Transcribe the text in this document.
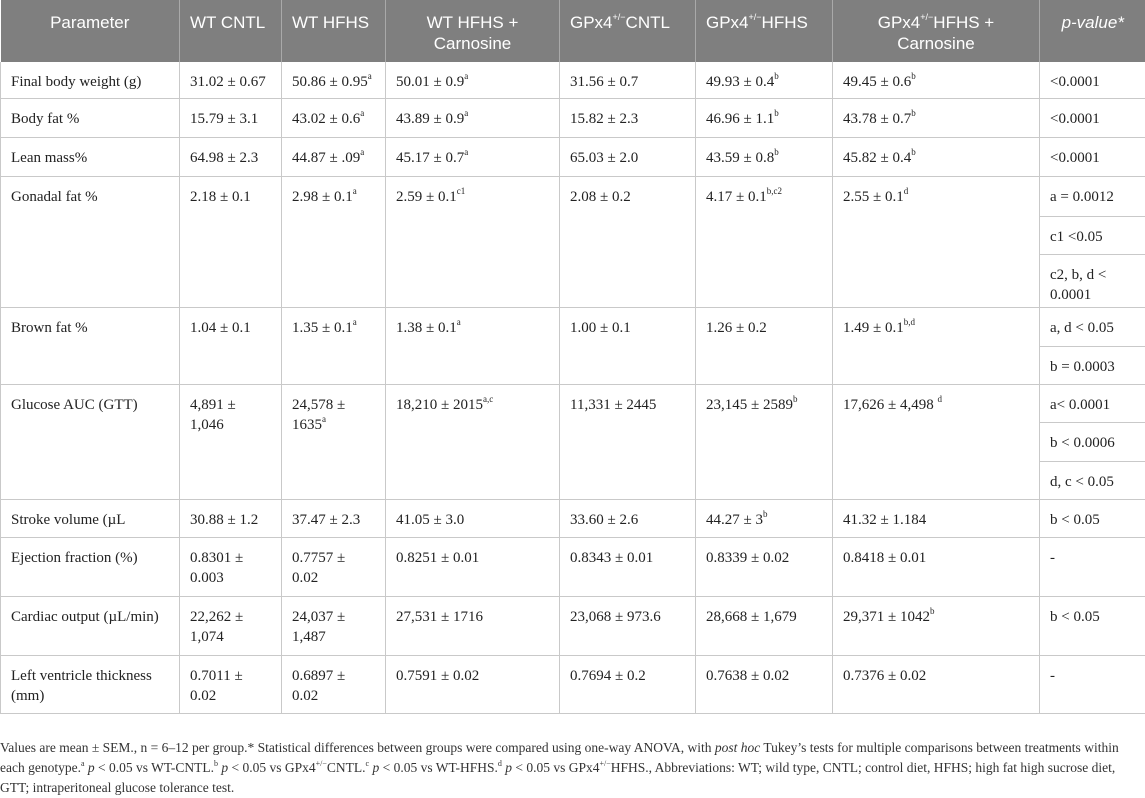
Parameter	WT CNTL	WT HFHS	WT HFHS + Carnosine	GPx4+/−CNTL	GPx4+/−HFHS	GPx4+/−HFHS + Carnosine	p-value*
Final body weight (g)	31.02 ± 0.67	50.86 ± 0.95$^a$	50.01 ± 0.9$^a$	31.56 ± 0.7	49.93 ± 0.4$^b$	49.45 ± 0.6$^b$	<0.0001
Body fat %	15.79 ± 3.1	43.02 ± 0.6$^a$	43.89 ± 0.9$^a$	15.82 ± 2.3	46.96 ± 1.1$^b$	43.78 ± 0.7$^b$	<0.0001
Lean mass%	64.98 ± 2.3	44.87 ± .09$^a$	45.17 ± 0.7$^a$	65.03 ± 2.0	43.59 ± 0.8$^b$	45.82 ± 0.4$^b$	<0.0001
Gonadal fat %	2.18 ± 0.1	2.98 ± 0.1$^a$	$2.59 \pm 0.1^{c1}$	2.08 ± 0.2	$4.17 \pm 0.1^{b,c2}$	2.55 ± 0.1$^d$	a = 0.0012
							c1 <0.05
							c2, b, d < 0.0001
Brown fat %	1.04 ± 0.1	1.35 ± 0.1$^a$	1.38 ± 0.1$^a$	1.00 ± 0.1	1.26 ± 0.2	$1.49 \pm 0.1^{b,d}$	a, d < 0.05
							b = 0.0003
Glucose AUC (GTT)	4,891 ± 1,046	$24,578 \pm 1635^a$	$18,210 \pm 2015^{a,c}$	11,331 ± 2445	$23,145 \pm 2589^b$	17,626 ± 4,498 $^d$	a< 0.0001
							b < 0.0006
							d, c < 0.05
Stroke volume (µL	30.88 ± 1.2	37.47 ± 2.3	41.05 ± 3.0	33.60 ± 2.6	$44.27 \pm 3^b$	41.32 ± 1.184	b < 0.05
Ejection fraction (%)	0.8301 ± 0.003	0.7757 ± 0.02	0.8251 ± 0.01	0.8343 ± 0.01	0.8339 ± 0.02	0.8418 ± 0.01	-
Cardiac output (µL/min)	22,262 ± 1,074	24,037 ± 1,487	27,531 ± 1716	23,068 ± 973.6	28,668 ± 1,679	$29,371 \pm 1042^b$	b < 0.05
Left ventricle thickness (mm)	0.7011 ± 0.02	0.6897 ± 0.02	0.7591 ± 0.02	0.7694 ± 0.2	0.7638 ± 0.02	0.7376 ± 0.02	-
Values are mean ± SEM., n = 6–12 per group.* Statistical differences between groups were compared using one-way ANOVA, with post hoc Tukey’s tests for multiple comparisons between treatments within each genotype.$^a$ p < 0.05 vs WT-CNTL.$^b$ p < 0.05 vs GPx4+/−CNTL.$^c$ p < 0.05 vs WT-HFHS.$^d$ p < 0.05 vs GPx4+/−HFHS., Abbreviations: WT; wild type, CNTL; control diet, HFHS; high fat high sucrose diet, GTT; intraperitoneal glucose tolerance test.
